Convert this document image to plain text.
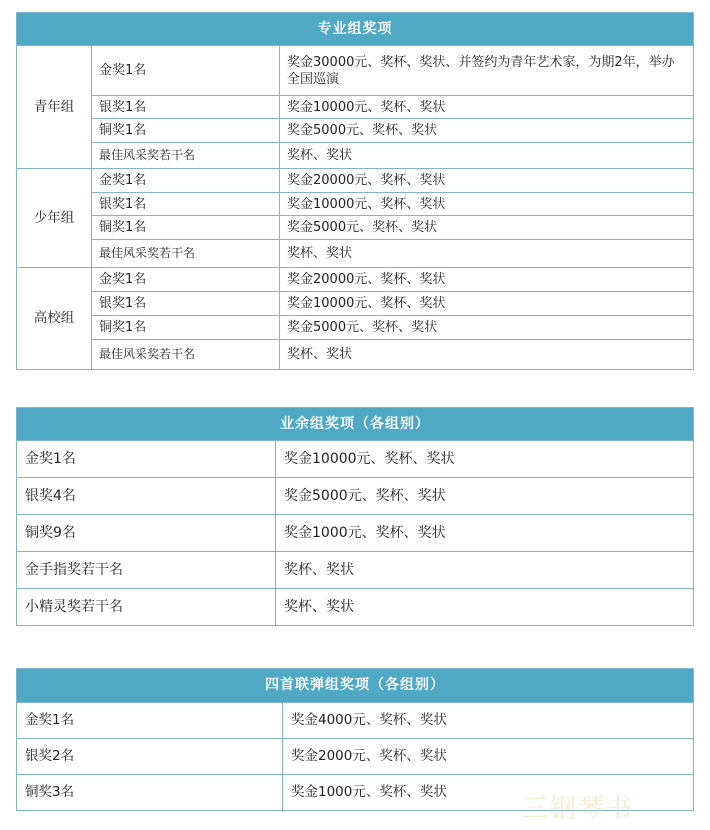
专业组奖项		
青年组	金奖1名	奖金30000元、奖杯、奖状、并签约为青年艺术家，为期2年，举办全国巡演
	银奖1名	奖金10000元、奖杯、奖状
	铜奖1名	奖金5000元、奖杯、奖状
	最佳风采奖若干名	奖杯、奖状
少年组	金奖1名	奖金20000元、奖杯、奖状
	银奖1名	奖金10000元、奖杯、奖状
	铜奖1名	奖金5000元、奖杯、奖状
	最佳风采奖若干名	奖杯、奖状
高校组	金奖1名	奖金20000元、奖杯、奖状
	银奖1名	奖金10000元、奖杯、奖状
	铜奖1名	奖金5000元、奖杯、奖状
	最佳风采奖若干名	奖杯、奖状
业余组奖项（各组别）	
金奖1名	奖金10000元、奖杯、奖状
银奖4名	奖金5000元、奖杯、奖状
铜奖9名	奖金1000元、奖杯、奖状
金手指奖若干名	奖杯、奖状
小精灵奖若干名	奖杯、奖状
四首联弹组奖项（各组别）	
金奖1名	奖金4000元、奖杯、奖状
银奖2名	奖金2000元、奖杯、奖状
铜奖3名	奖金1000元、奖杯、奖状
三钢琴书
